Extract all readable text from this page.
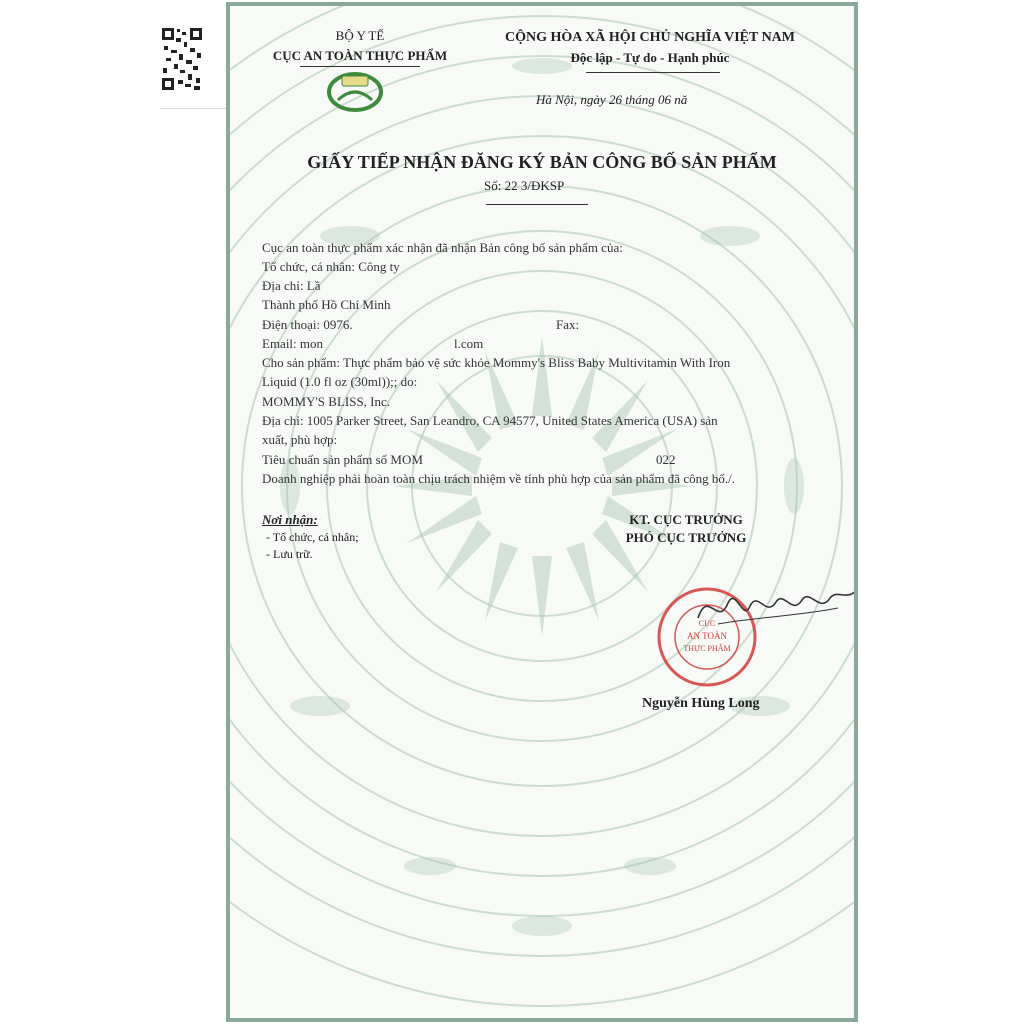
BỘ Y TẾ
CỤC AN TOÀN THỰC PHẨM
CỘNG HÒA XÃ HỘI CHỦ NGHĨA VIỆT NAM
Độc lập - Tự do - Hạnh phúc
Hà Nội, ngày 26 tháng 06 nă
GIẤY TIẾP NHẬN ĐĂNG KÝ BẢN CÔNG BỐ SẢN PHẨM
Số: 22 3/ĐKSP
Cục an toàn thực phẩm xác nhận đã nhận Bản công bố sản phẩm của:
Tổ chức, cá nhân: Công ty
Địa chỉ: Lầ
Thành phố Hồ Chí Minh
Điện thoại: 0976.	Fax:
Email: mon	l.com
Cho sản phẩm: Thực phẩm bảo vệ sức khỏe Mommy's Bliss Baby Multivitamin With Iron
Liquid (1.0 fl oz (30ml));; do:
MOMMY'S BLISS, Inc.
Địa chỉ: 1005 Parker Street, San Leandro, CA 94577, United States America (USA) sản
xuất, phù hợp:
Tiêu chuẩn sản phẩm số MOM	022
Doanh nghiệp phải hoàn toàn chịu trách nhiệm về tính phù hợp của sản phẩm đã công bố./.
Nơi nhận:
- Tổ chức, cá nhân;
- Lưu trữ.
KT. CỤC TRƯỞNG
PHÓ CỤC TRƯỞNG
CỤC
AN TOÀN
THỰC PHẨM
Nguyễn Hùng Long
